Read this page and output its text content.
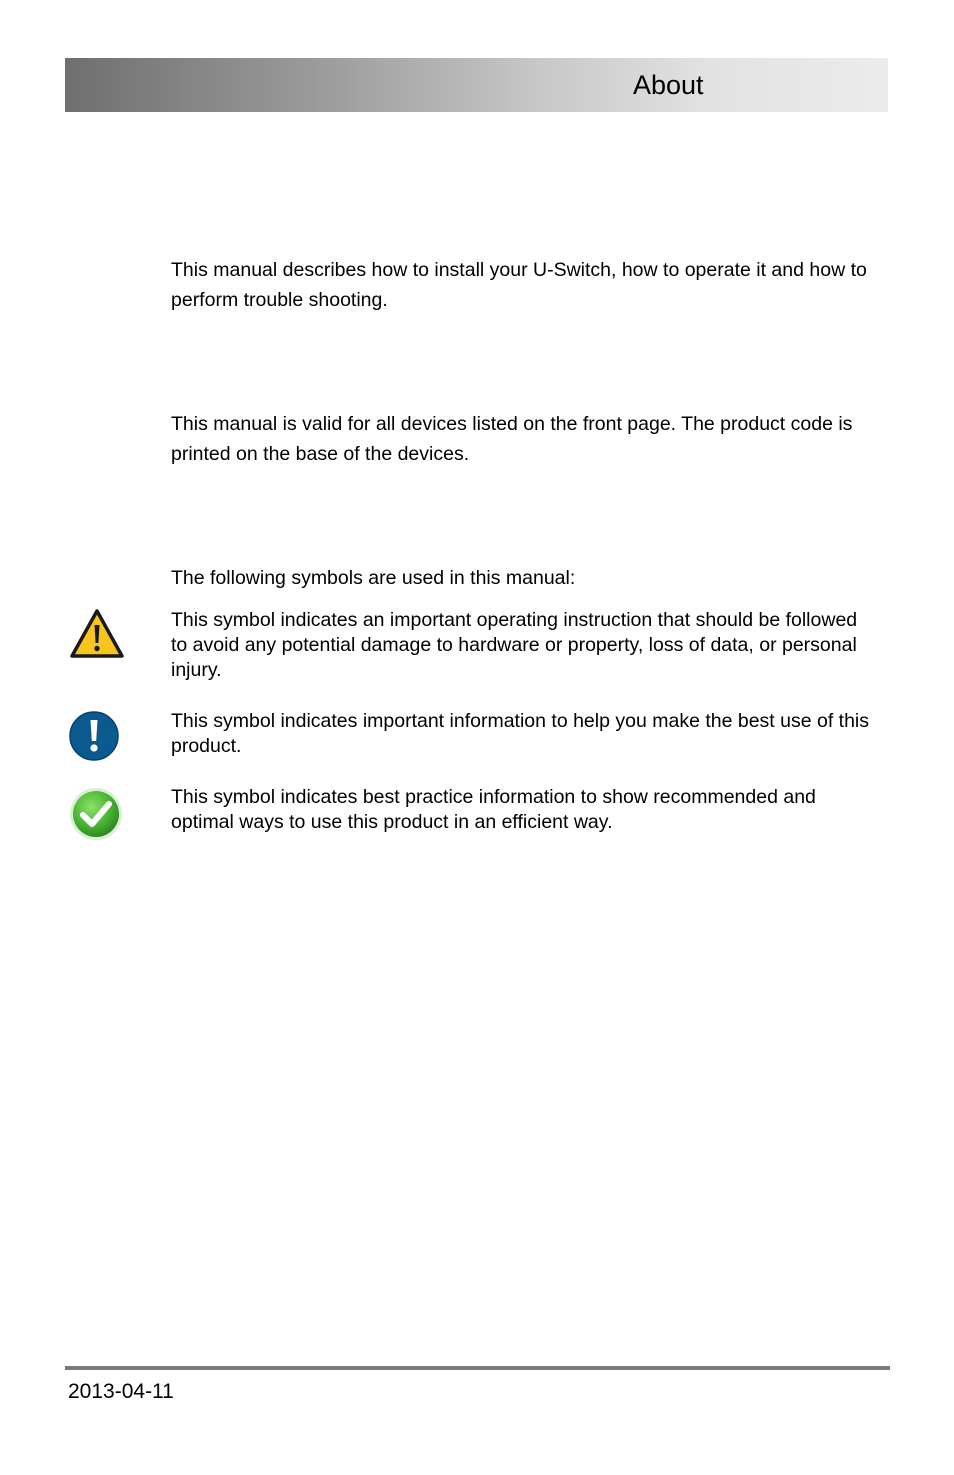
About
This manual describes how to install your U-Switch, how to operate it and how to perform trouble shooting.
This manual is valid for all devices listed on the front page. The product code is printed on the base of the devices.
The following symbols are used in this manual:
This symbol indicates an important operating instruction that should be followed to avoid any potential damage to hardware or property, loss of data, or personal injury.
This symbol indicates important information to help you make the best use of this product.
This symbol indicates best practice information to show recommended and optimal ways to use this product in an efficient way.
2013-04-11
